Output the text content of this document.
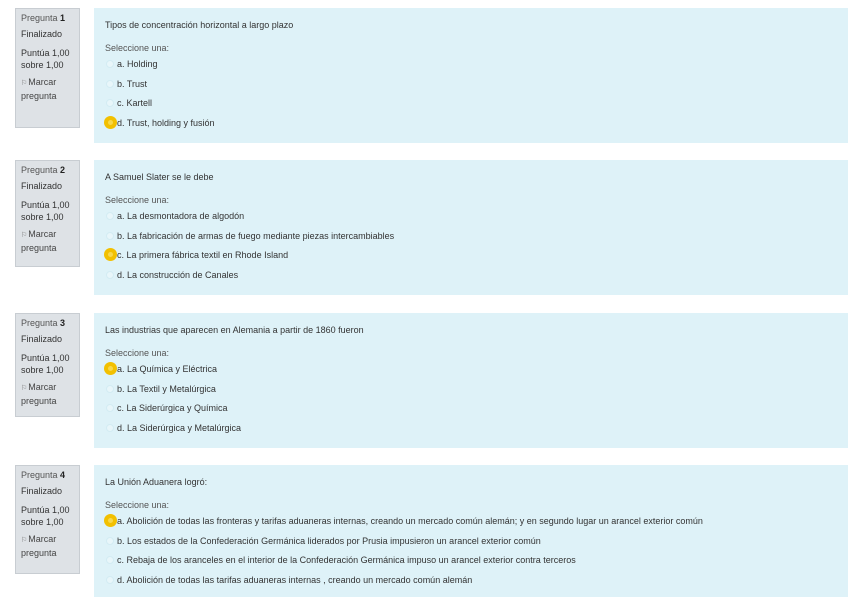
Pregunta 1
Finalizado
Puntúa 1,00
sobre 1,00
⚐Marcar
pregunta
Tipos de concentración horizontal a largo plazo
Seleccione una:
a. Holding
b. Trust
c. Kartell
d. Trust, holding y fusión
Pregunta 2
Finalizado
Puntúa 1,00
sobre 1,00
⚐Marcar
pregunta
A Samuel Slater se le debe
Seleccione una:
a. La desmontadora de algodón
b. La fabricación de armas de fuego mediante piezas intercambiables
c. La primera fábrica textil en Rhode Island
d. La construcción de Canales
Pregunta 3
Finalizado
Puntúa 1,00
sobre 1,00
⚐Marcar
pregunta
Las industrias que aparecen en Alemania a partir de 1860 fueron
Seleccione una:
a. La Química y Eléctrica
b. La Textil y Metalúrgica
c. La Siderúrgica y Química
d. La Siderúrgica y Metalúrgica
Pregunta 4
Finalizado
Puntúa 1,00
sobre 1,00
⚐Marcar
pregunta
La Unión Aduanera logró:
Seleccione una:
a. Abolición de todas las fronteras y tarifas aduaneras internas, creando un mercado común alemán; y en segundo lugar un arancel exterior común
b. Los estados de la Confederación Germánica liderados por Prusia impusieron un arancel exterior común
c. Rebaja de los aranceles en el interior de la Confederación Germánica impuso un arancel exterior contra terceros
d. Abolición de todas las tarifas aduaneras internas , creando un mercado común alemán
